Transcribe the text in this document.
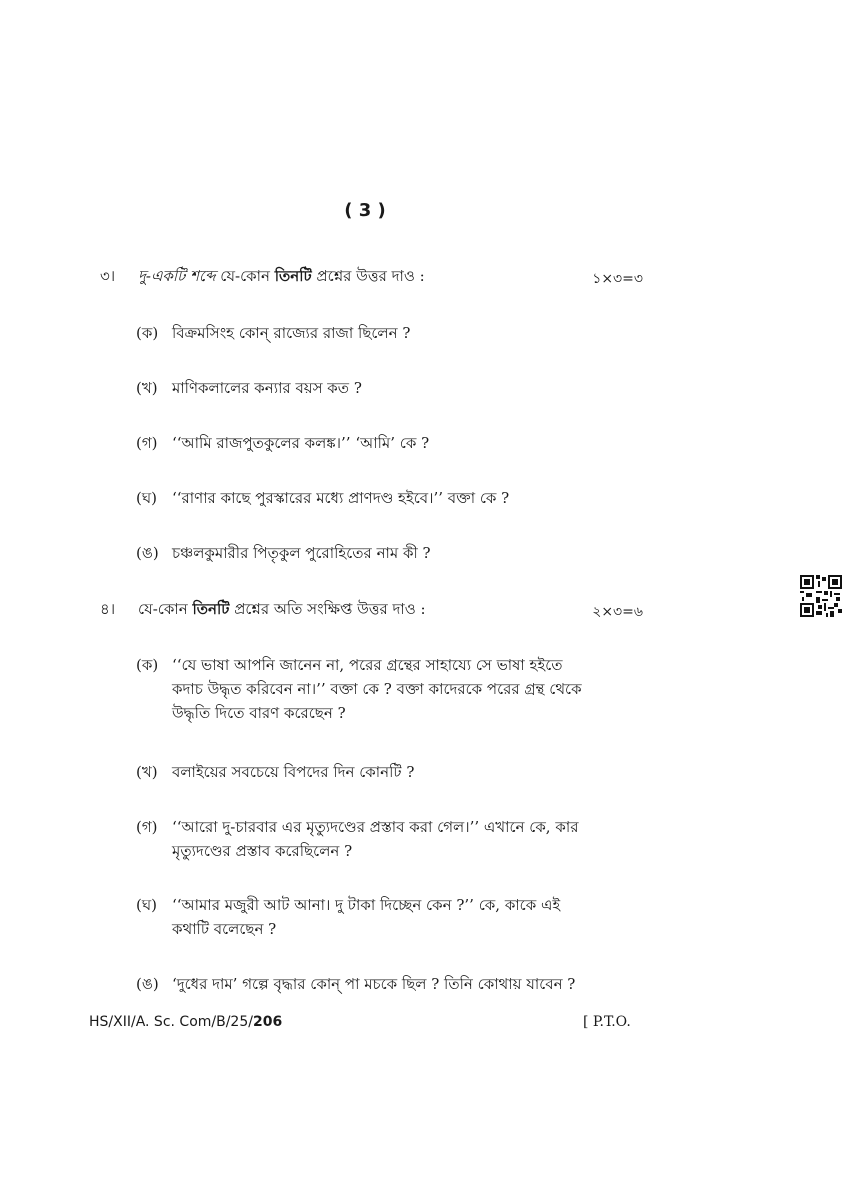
( 3 )
৩।	দু-একটি শব্দে যে-কোন তিনটি প্রশ্নের উত্তর দাও :	১×৩=৩
(ক) বিক্রমসিংহ কোন্ রাজ্যের রাজা ছিলেন ?
(খ) মাণিকলালের কন্যার বয়স কত ?
(গ) ‘‘আমি রাজপুতকুলের কলঙ্ক।’’ ‘আমি’ কে ?
(ঘ) ‘‘রাণার কাছে পুরস্কারের মধ্যে প্রাণদণ্ড হইবে।’’ বক্তা কে ?
(ঙ) চঞ্চলকুমারীর পিতৃকুল পুরোহিতের নাম কী ?
৪।	যে-কোন তিনটি প্রশ্নের অতি সংক্ষিপ্ত উত্তর দাও :	২×৩=৬
(ক) ‘‘যে ভাষা আপনি জানেন না, পরের গ্রন্থের সাহায্যে সে ভাষা হইতে
কদাচ উদ্ধৃত করিবেন না।’’ বক্তা কে ? বক্তা কাদেরকে পরের গ্রন্থ থেকে
উদ্ধৃতি দিতে বারণ করেছেন ?
(খ) বলাইয়ের সবচেয়ে বিপদের দিন কোনটি ?
(গ) ‘‘আরো দু-চারবার এর মৃত্যুদণ্ডের প্রস্তাব করা গেল।’’ এখানে কে, কার
মৃত্যুদণ্ডের প্রস্তাব করেছিলেন ?
(ঘ) ‘‘আমার মজুরী আট আনা। দু টাকা দিচ্ছেন কেন ?’’ কে, কাকে এই
কথাটি বলেছেন ?
(ঙ) ‘দুধের দাম’ গল্পে বৃদ্ধার কোন্ পা মচকে ছিল ? তিনি কোথায় যাবেন ?
HS/XII/A. Sc. Com/B/25/206	[ P.T.O.
